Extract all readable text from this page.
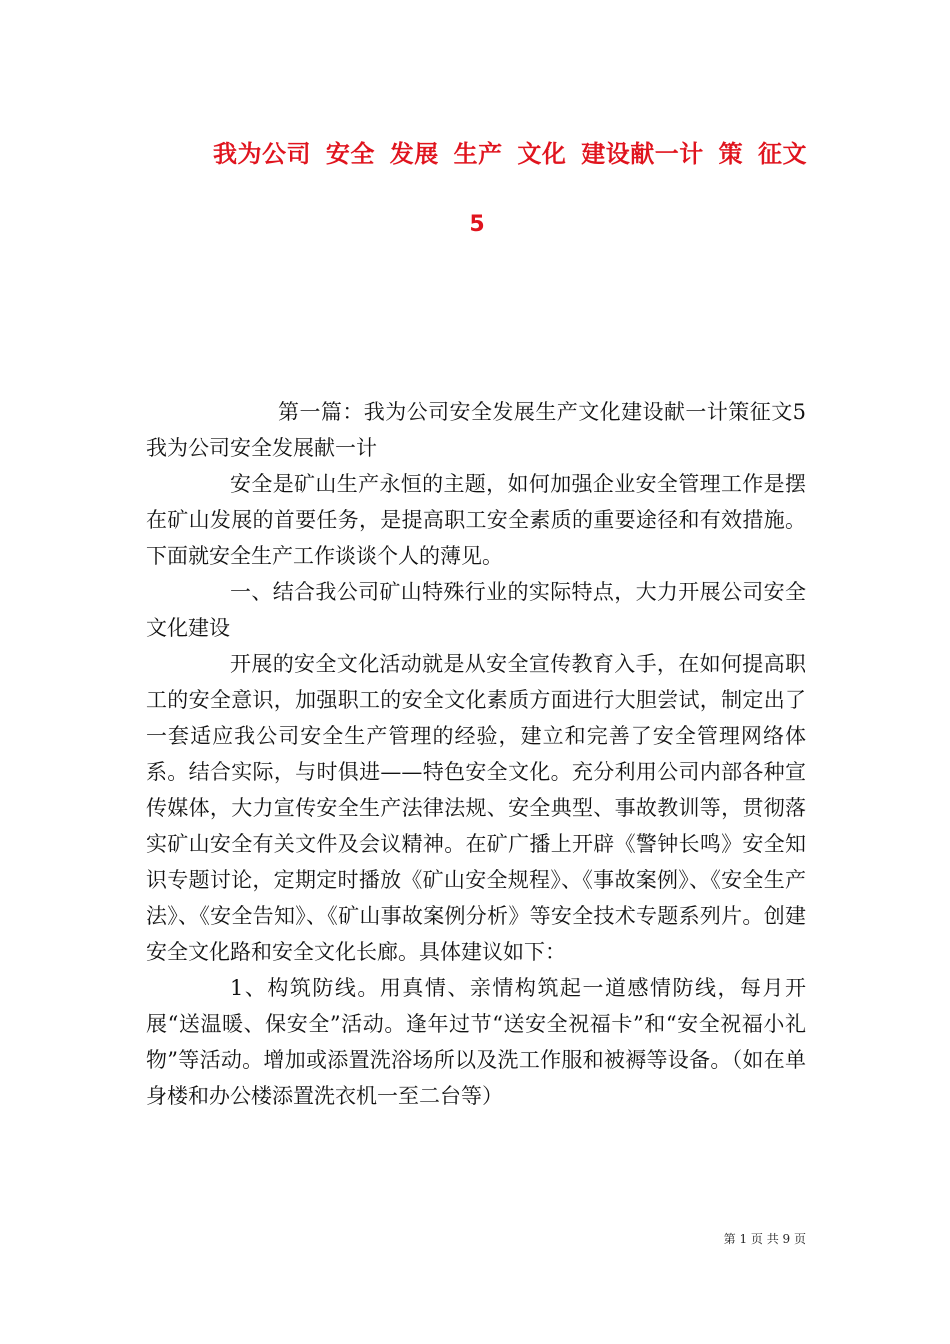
我为公司 安全 发展 生产 文化 建设献一计 策 征文
5

第一篇：我为公司安全发展生产文化建设献一计策征文5我为公司安全发展献一计

安全是矿山生产永恒的主题，如何加强企业安全管理工作是摆在矿山发展的首要任务，是提高职工安全素质的重要途径和有效措施。下面就安全生产工作谈谈个人的薄见。

一、结合我公司矿山特殊行业的实际特点，大力开展公司安全文化建设

开展的安全文化活动就是从安全宣传教育入手，在如何提高职工的安全意识，加强职工的安全文化素质方面进行大胆尝试，制定出了一套适应我公司安全生产管理的经验，建立和完善了安全管理网络体系。结合实际，与时俱进——特色安全文化。充分利用公司内部各种宣传媒体，大力宣传安全生产法律法规、安全典型、事故教训等，贯彻落实矿山安全有关文件及会议精神。在矿广播上开辟《警钟长鸣》安全知识专题讨论，定期定时播放《矿山安全规程》、《事故案例》、《安全生产法》、《安全告知》、《矿山事故案例分析》等安全技术专题系列片。创建安全文化路和安全文化长廊。具体建议如下：

1、构筑防线。用真情、亲情构筑起一道感情防线，每月开展“送温暖、保安全”活动。逢年过节“送安全祝福卡”和“安全祝福小礼物”等活动。增加或添置洗浴场所以及洗工作服和被褥等设备。（如在单身楼和办公楼添置洗衣机一至二台等）

第 1 页 共 9 页
